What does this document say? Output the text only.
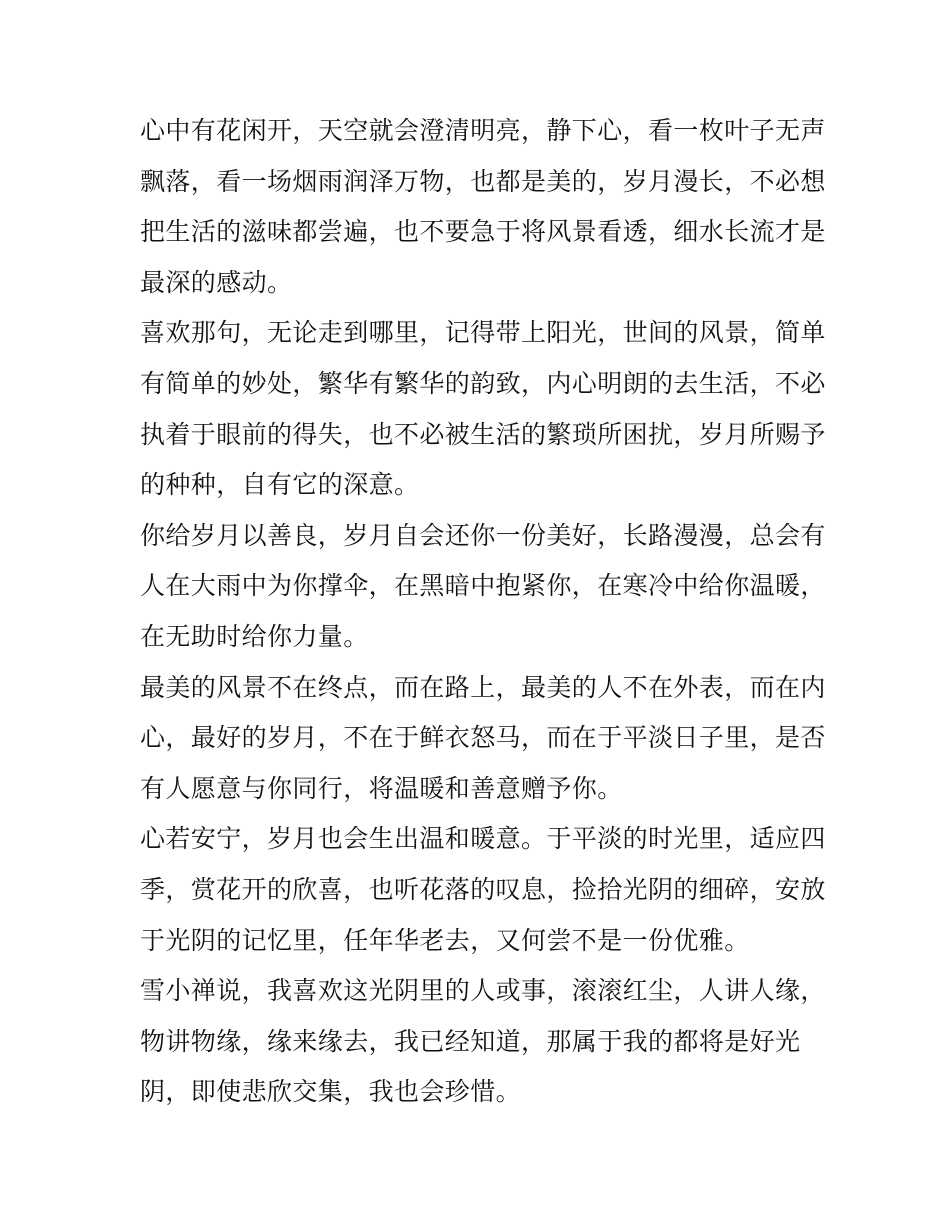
心中有花闲开，天空就会澄清明亮，静下心，看一枚叶子无声
飘落，看一场烟雨润泽万物，也都是美的，岁月漫长，不必想
把生活的滋味都尝遍，也不要急于将风景看透，细水长流才是
最深的感动。

喜欢那句，无论走到哪里，记得带上阳光，世间的风景，简单
有简单的妙处，繁华有繁华的韵致，内心明朗的去生活，不必
执着于眼前的得失，也不必被生活的繁琐所困扰，岁月所赐予
的种种，自有它的深意。

你给岁月以善良，岁月自会还你一份美好，长路漫漫，总会有
人在大雨中为你撑伞，在黑暗中抱紧你，在寒冷中给你温暖，
在无助时给你力量。

最美的风景不在终点，而在路上，最美的人不在外表，而在内
心，最好的岁月，不在于鲜衣怒马，而在于平淡日子里，是否
有人愿意与你同行，将温暖和善意赠予你。

心若安宁，岁月也会生出温和暖意。于平淡的时光里，适应四
季，赏花开的欣喜，也听花落的叹息，捡拾光阴的细碎，安放
于光阴的记忆里，任年华老去，又何尝不是一份优雅。

雪小禅说，我喜欢这光阴里的人或事，滚滚红尘，人讲人缘，
物讲物缘，缘来缘去，我已经知道，那属于我的都将是好光
阴，即使悲欣交集，我也会珍惜。
